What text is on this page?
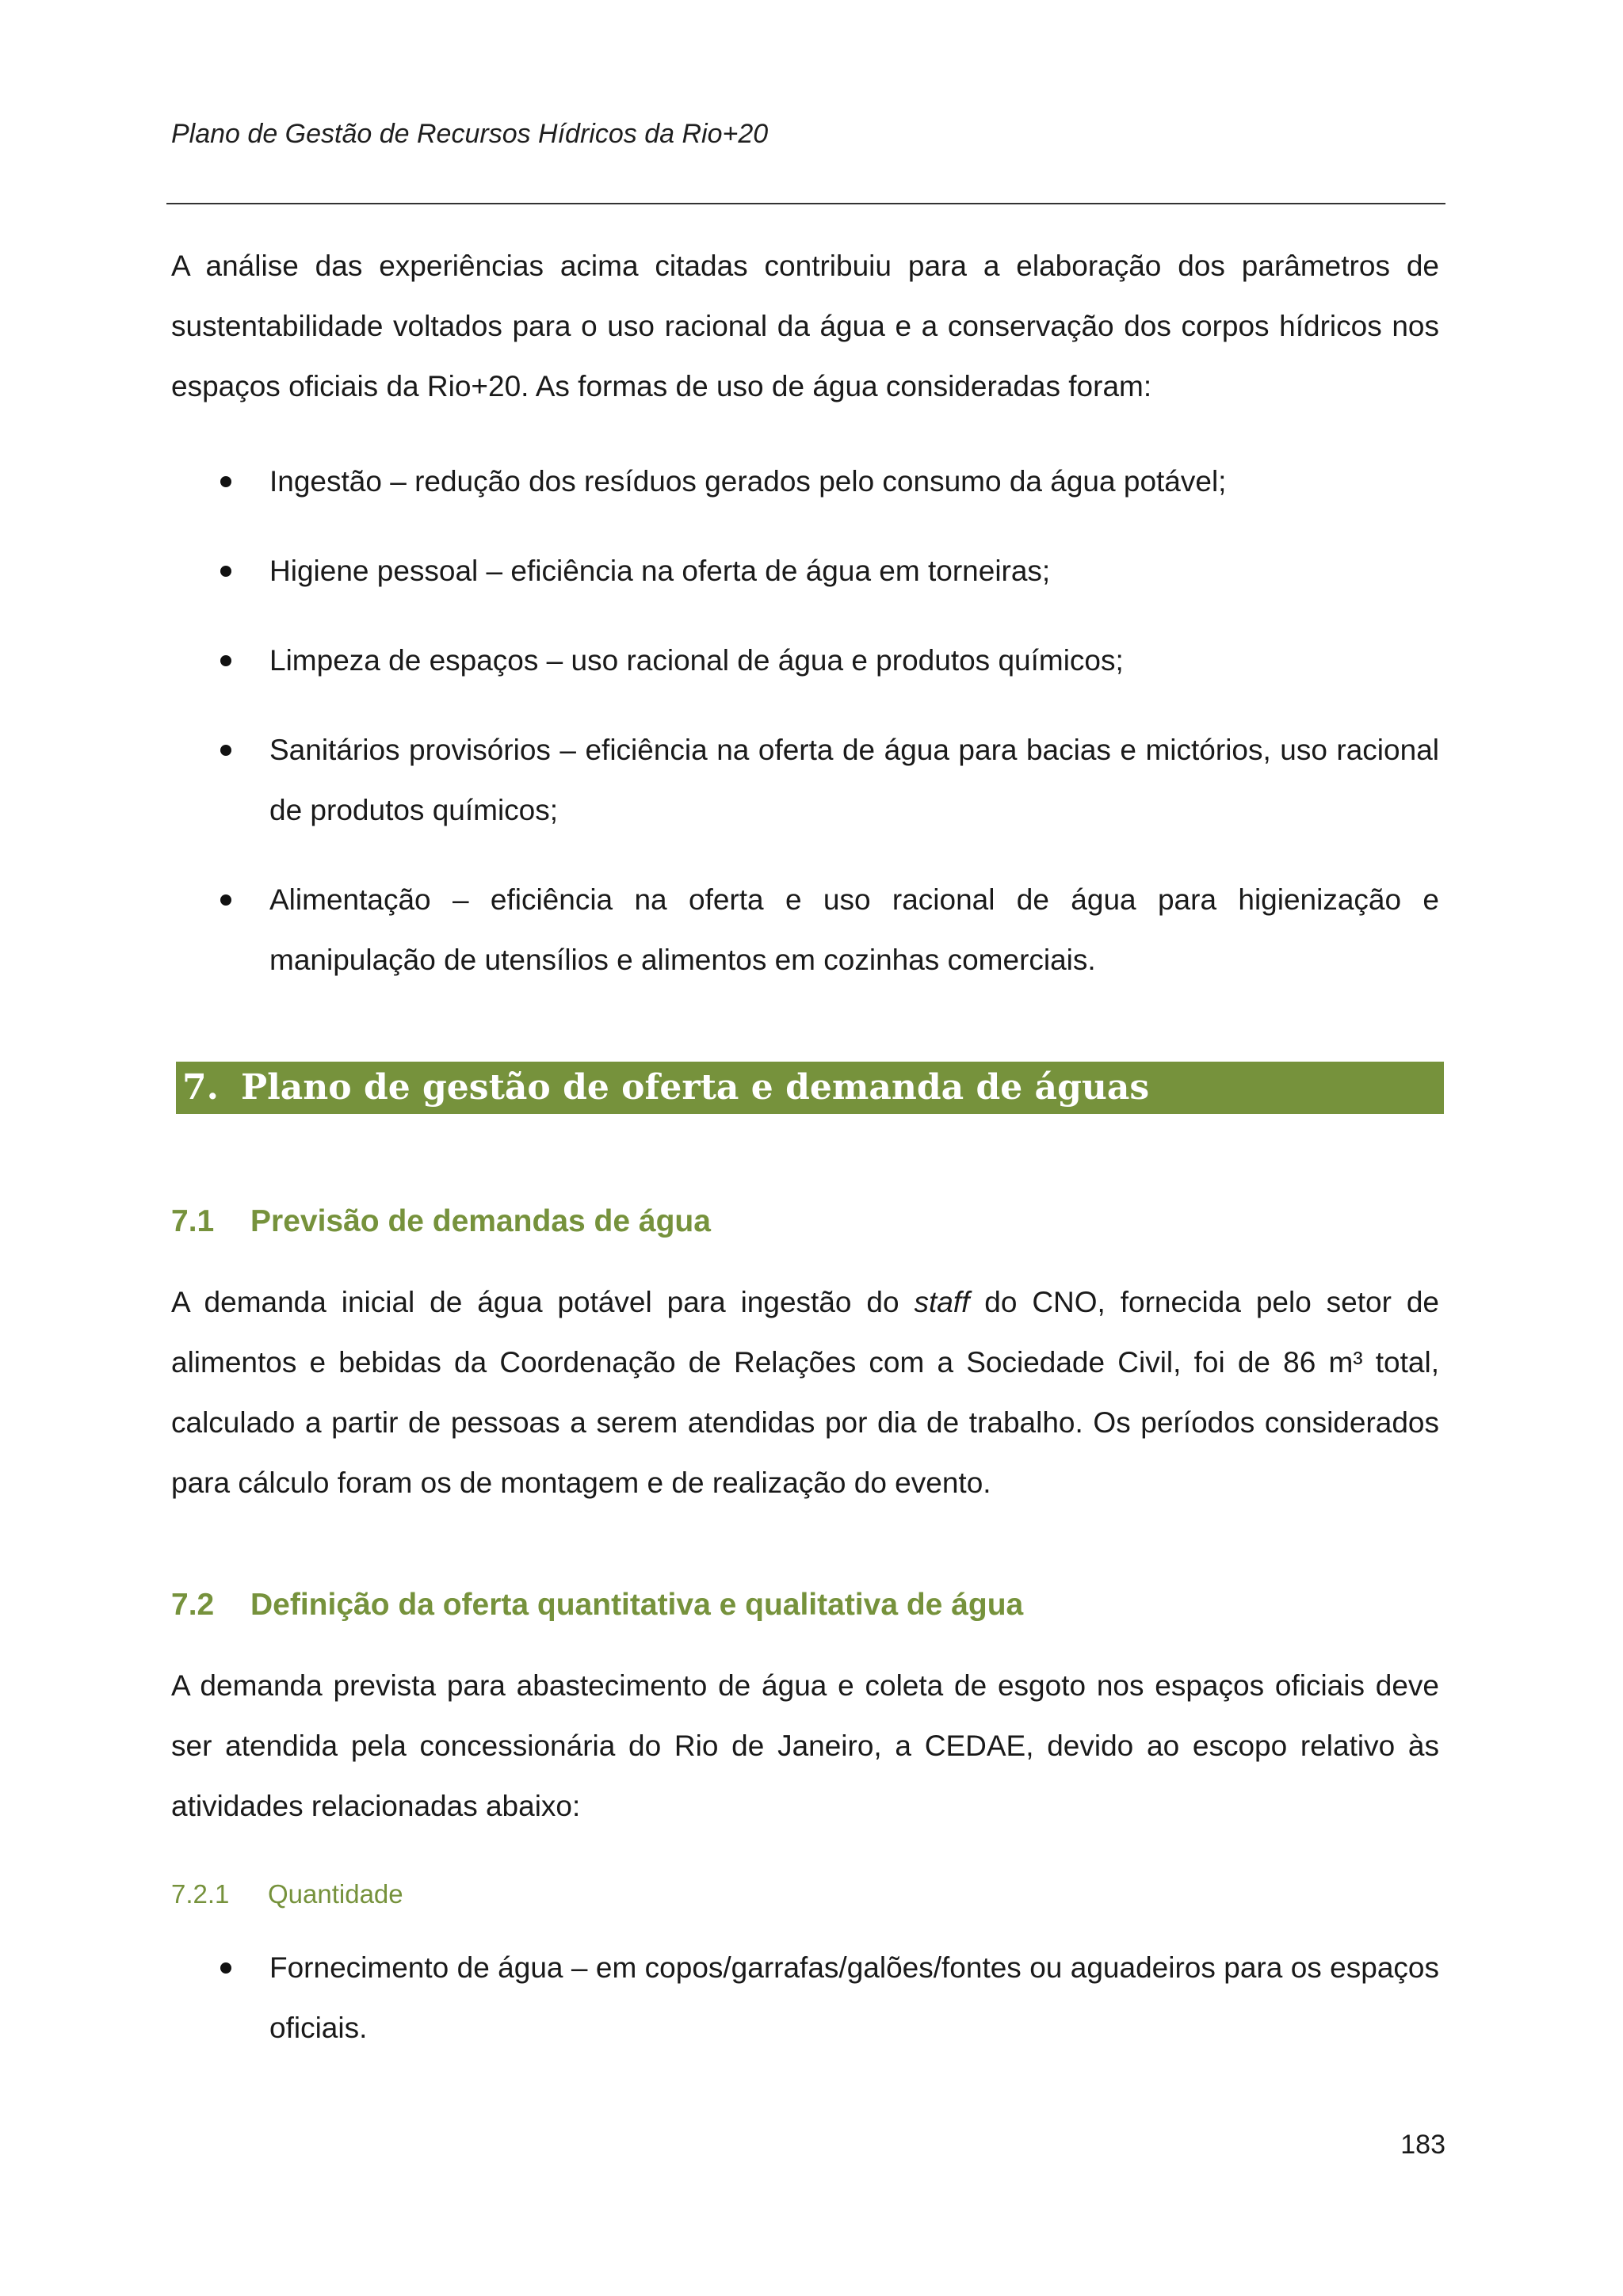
Plano de Gestão de Recursos Hídricos da Rio+20
A análise das experiências acima citadas contribuiu para a elaboração dos parâmetros de sustentabilidade voltados para o uso racional da água e a conservação dos corpos hídricos nos espaços oficiais da Rio+20. As formas de uso de água consideradas foram:
Ingestão – redução dos resíduos gerados pelo consumo da água potável;
Higiene pessoal – eficiência na oferta de água em torneiras;
Limpeza de espaços – uso racional de água e produtos químicos;
Sanitários provisórios – eficiência na oferta de água para bacias e mictórios, uso racional de produtos químicos;
Alimentação – eficiência na oferta e uso racional de água para higienização e manipulação de utensílios e alimentos em cozinhas comerciais.
7. Plano de gestão de oferta e demanda de águas
7.1 Previsão de demandas de água
A demanda inicial de água potável para ingestão do staff do CNO, fornecida pelo setor de alimentos e bebidas da Coordenação de Relações com a Sociedade Civil, foi de 86 m³ total, calculado a partir de pessoas a serem atendidas por dia de trabalho. Os períodos considerados para cálculo foram os de montagem e de realização do evento.
7.2 Definição da oferta quantitativa e qualitativa de água
A demanda prevista para abastecimento de água e coleta de esgoto nos espaços oficiais deve ser atendida pela concessionária do Rio de Janeiro, a CEDAE, devido ao escopo relativo às atividades relacionadas abaixo:
7.2.1 Quantidade
Fornecimento de água – em copos/garrafas/galões/fontes ou aguadeiros para os espaços oficiais.
183
